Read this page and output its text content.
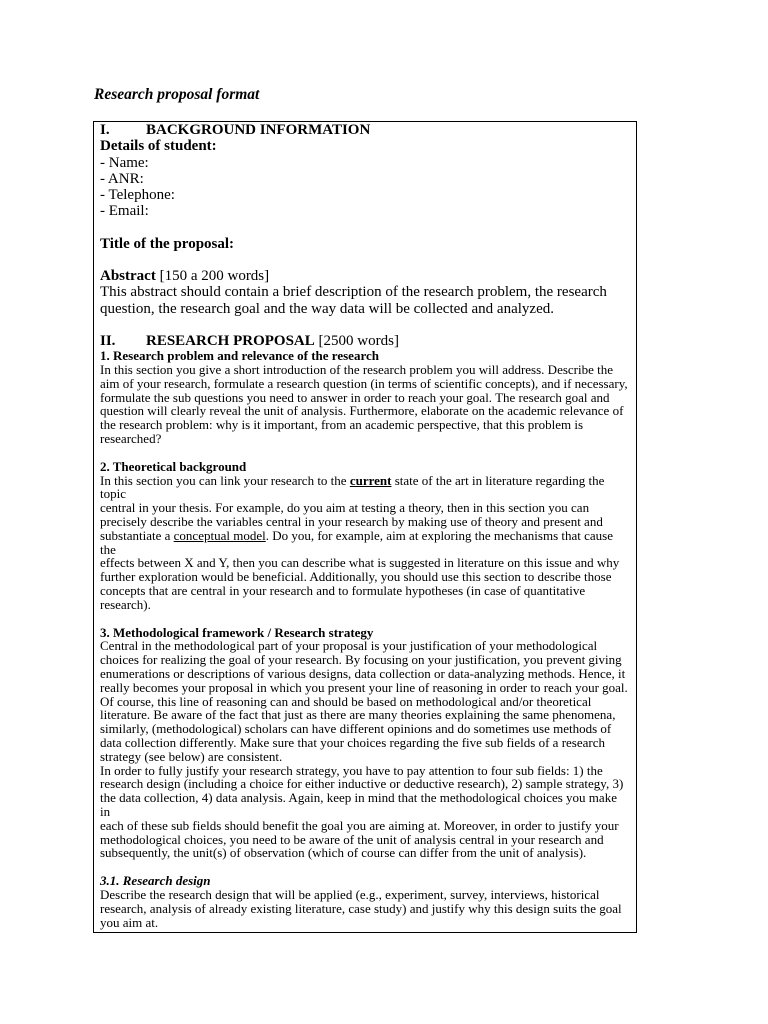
Research proposal format
I. BACKGROUND INFORMATION
Details of student:
- Name:
- ANR:
- Telephone:
- Email:
Title of the proposal:
Abstract [150 a 200 words]
This abstract should contain a brief description of the research problem, the research
question, the research goal and the way data will be collected and analyzed.
II. RESEARCH PROPOSAL [2500 words]
1. Research problem and relevance of the research
In this section you give a short introduction of the research problem you will address. Describe the
aim of your research, formulate a research question (in terms of scientific concepts), and if necessary,
formulate the sub questions you need to answer in order to reach your goal. The research goal and
question will clearly reveal the unit of analysis. Furthermore, elaborate on the academic relevance of
the research problem: why is it important, from an academic perspective, that this problem is
researched?
2. Theoretical background
In this section you can link your research to the current state of the art in literature regarding the topic
central in your thesis. For example, do you aim at testing a theory, then in this section you can
precisely describe the variables central in your research by making use of theory and present and
substantiate a conceptual model. Do you, for example, aim at exploring the mechanisms that cause the
effects between X and Y, then you can describe what is suggested in literature on this issue and why
further exploration would be beneficial. Additionally, you should use this section to describe those
concepts that are central in your research and to formulate hypotheses (in case of quantitative
research).
3. Methodological framework / Research strategy
Central in the methodological part of your proposal is your justification of your methodological
choices for realizing the goal of your research. By focusing on your justification, you prevent giving
enumerations or descriptions of various designs, data collection or data-analyzing methods. Hence, it
really becomes your proposal in which you present your line of reasoning in order to reach your goal.
Of course, this line of reasoning can and should be based on methodological and/or theoretical
literature. Be aware of the fact that just as there are many theories explaining the same phenomena,
similarly, (methodological) scholars can have different opinions and do sometimes use methods of
data collection differently. Make sure that your choices regarding the five sub fields of a research
strategy (see below) are consistent.
In order to fully justify your research strategy, you have to pay attention to four sub fields: 1) the
research design (including a choice for either inductive or deductive research), 2) sample strategy, 3)
the data collection, 4) data analysis. Again, keep in mind that the methodological choices you make in
each of these sub fields should benefit the goal you are aiming at. Moreover, in order to justify your
methodological choices, you need to be aware of the unit of analysis central in your research and
subsequently, the unit(s) of observation (which of course can differ from the unit of analysis).
3.1. Research design
Describe the research design that will be applied (e.g., experiment, survey, interviews, historical
research, analysis of already existing literature, case study) and justify why this design suits the goal
you aim at.
